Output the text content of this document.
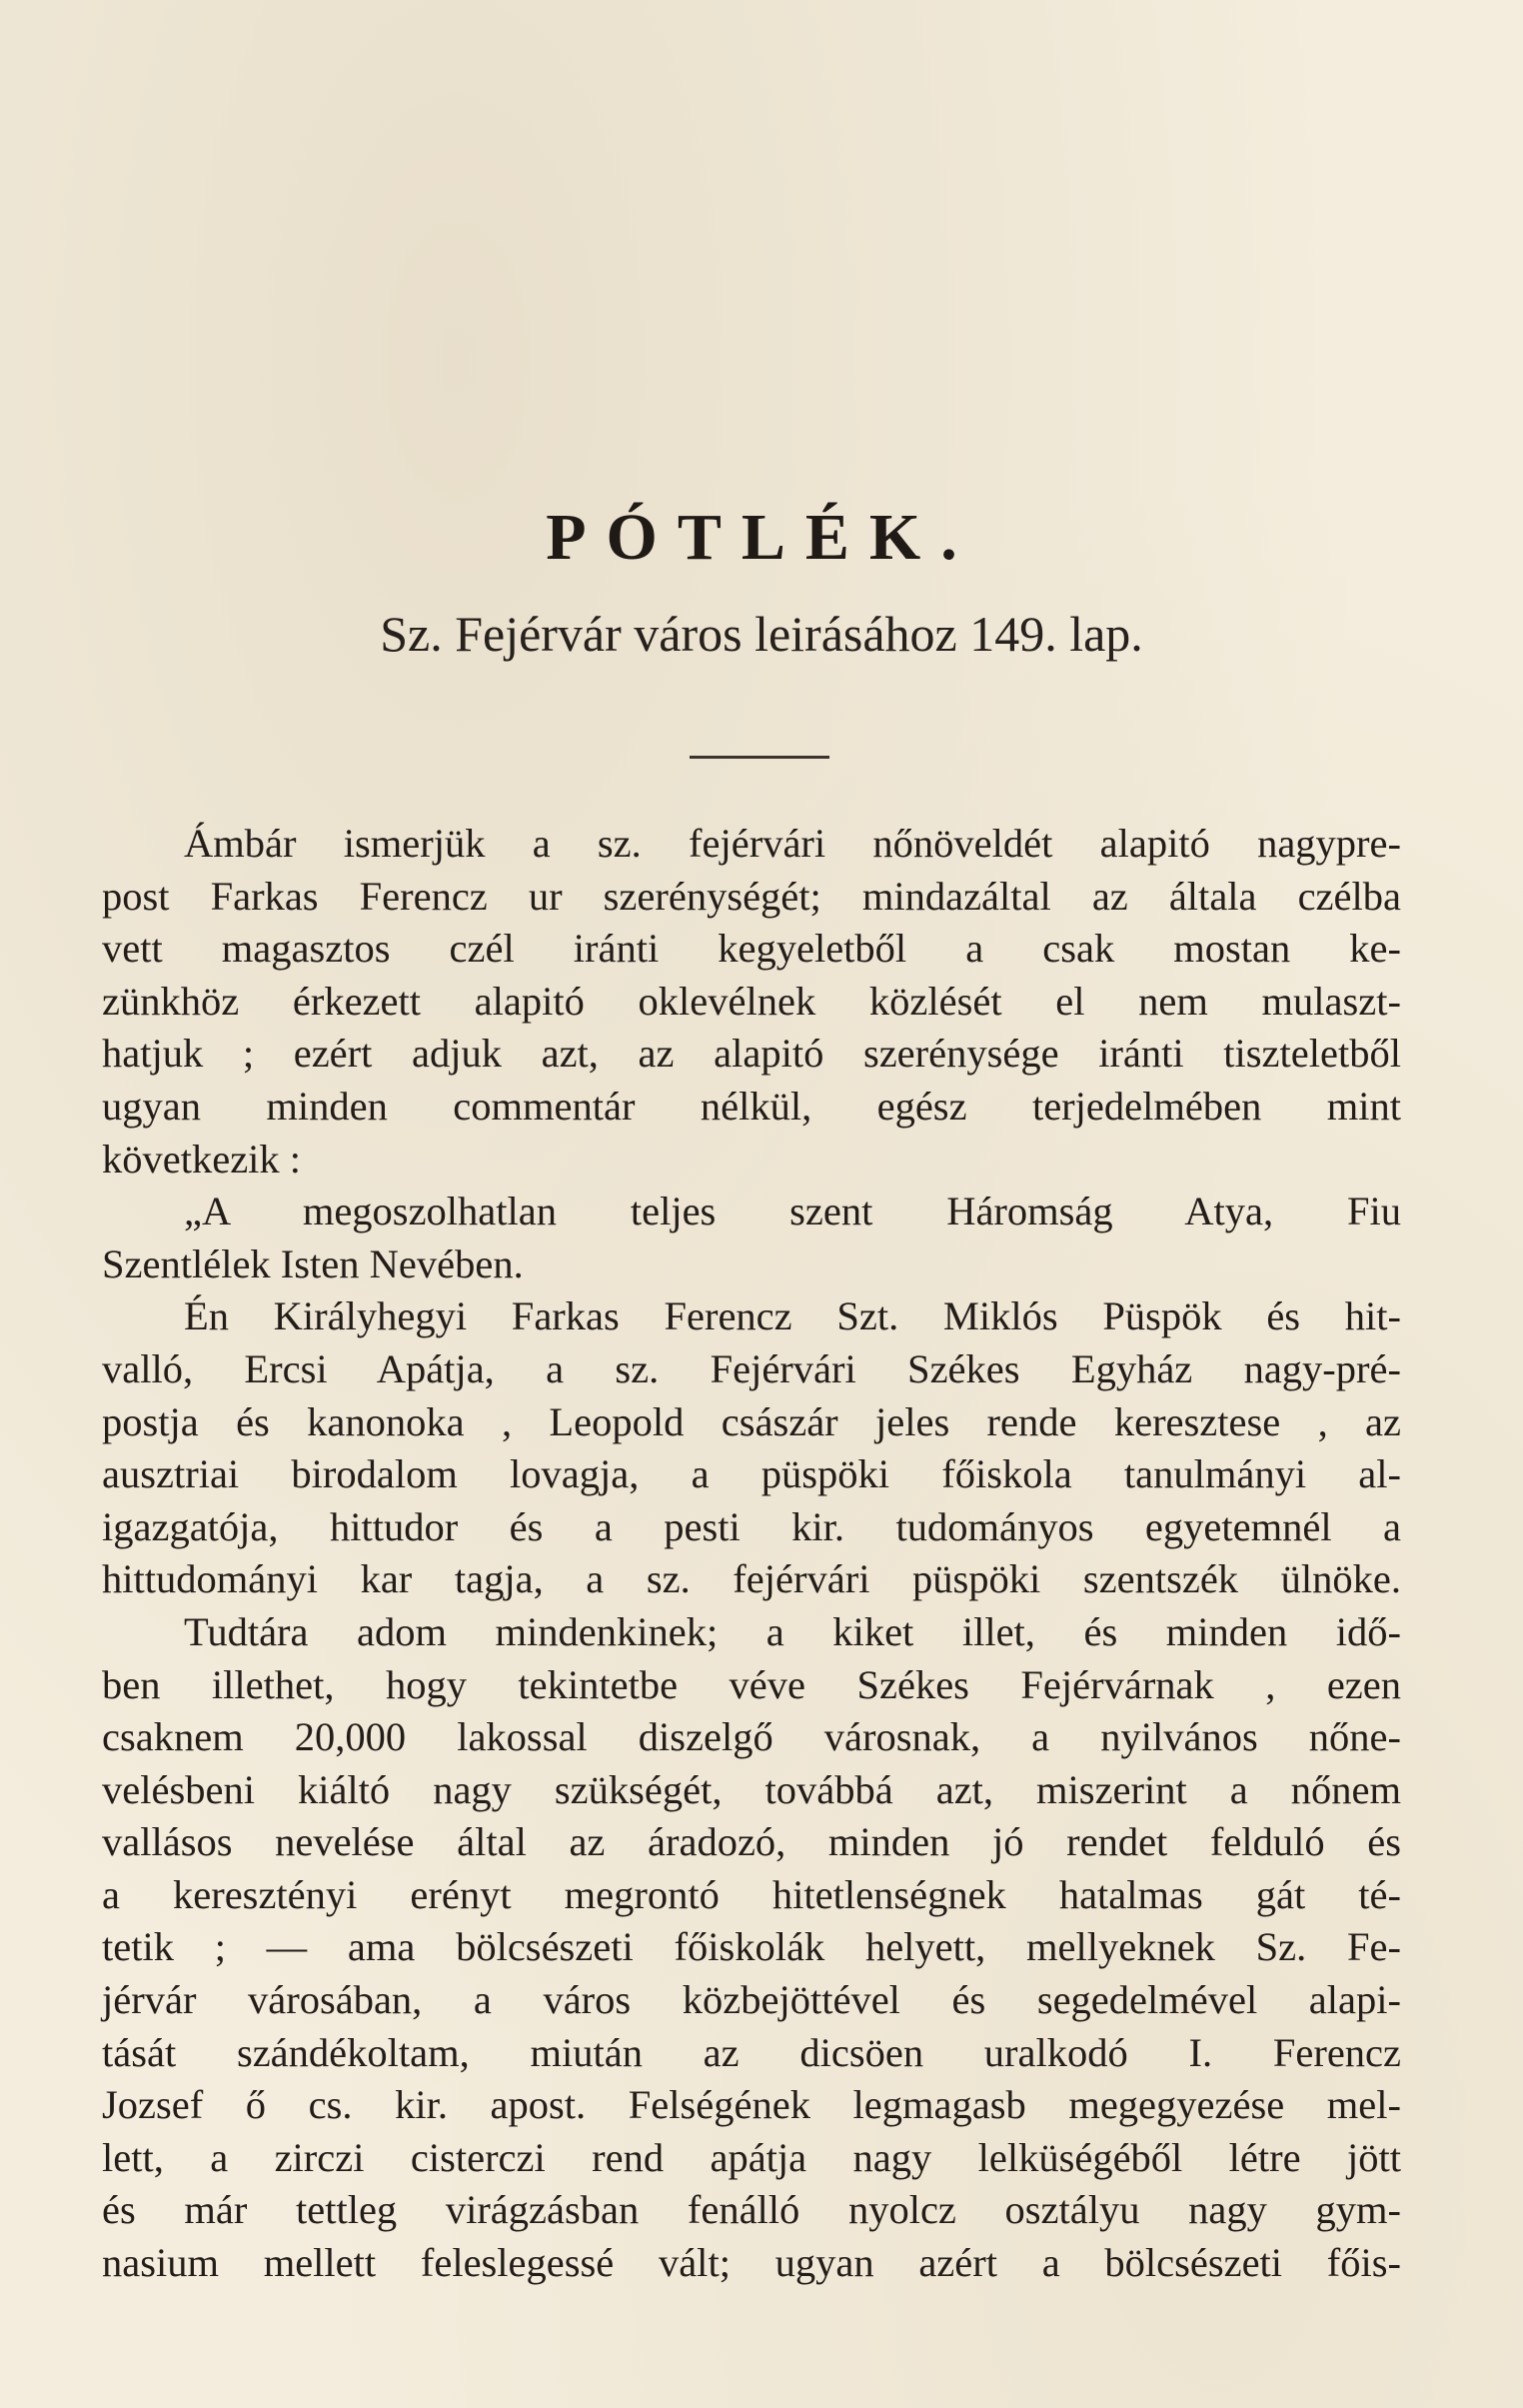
PÓTLÉK.
Sz. Fejérvár város leirásához 149. lap.
Ámbár ismerjük a sz. fejérvári nőnöveldét alapitó nagypre-
post Farkas Ferencz ur szerénységét; mindazáltal az általa czélba
vett magasztos czél iránti kegyeletből a csak mostan ke-
zünkhöz érkezett alapitó oklevélnek közlését el nem mulaszt-
hatjuk ; ezért adjuk azt, az alapitó szerénysége iránti tiszteletből
ugyan minden commentár nélkül, egész terjedelmében mint
következik :
„A megoszolhatlan teljes szent Háromság Atya, Fiu
Szentlélek Isten Nevében.
Én Királyhegyi Farkas Ferencz Szt. Miklós Püspök és hit-
valló, Ercsi Apátja, a sz. Fejérvári Székes Egyház nagy-pré-
postja és kanonoka , Leopold császár jeles rende keresztese , az
ausztriai birodalom lovagja, a püspöki főiskola tanulmányi al-
igazgatója, hittudor és a pesti kir. tudományos egyetemnél a
hittudományi kar tagja, a sz. fejérvári püspöki szentszék ülnöke.
Tudtára adom mindenkinek; a kiket illet, és minden idő-
ben illethet, hogy tekintetbe véve Székes Fejérvárnak , ezen
csaknem 20,000 lakossal diszelgő városnak, a nyilvános nőne-
velésbeni kiáltó nagy szükségét, továbbá azt, miszerint a nőnem
vallásos nevelése által az áradozó, minden jó rendet felduló és
a keresztényi erényt megrontó hitetlenségnek hatalmas gát té-
tetik ; — ama bölcsészeti főiskolák helyett, mellyeknek Sz. Fe-
jérvár városában, a város közbejöttével és segedelmével alapi-
tását szándékoltam, miután az dicsöen uralkodó I. Ferencz
Jozsef ő cs. kir. apost. Felségének legmagasb megegyezése mel-
lett, a zirczi cisterczi rend apátja nagy lelküségéből létre jött
és már tettleg virágzásban fenálló nyolcz osztályu nagy gym-
nasium mellett feleslegessé vált; ugyan azért a bölcsészeti főis-
